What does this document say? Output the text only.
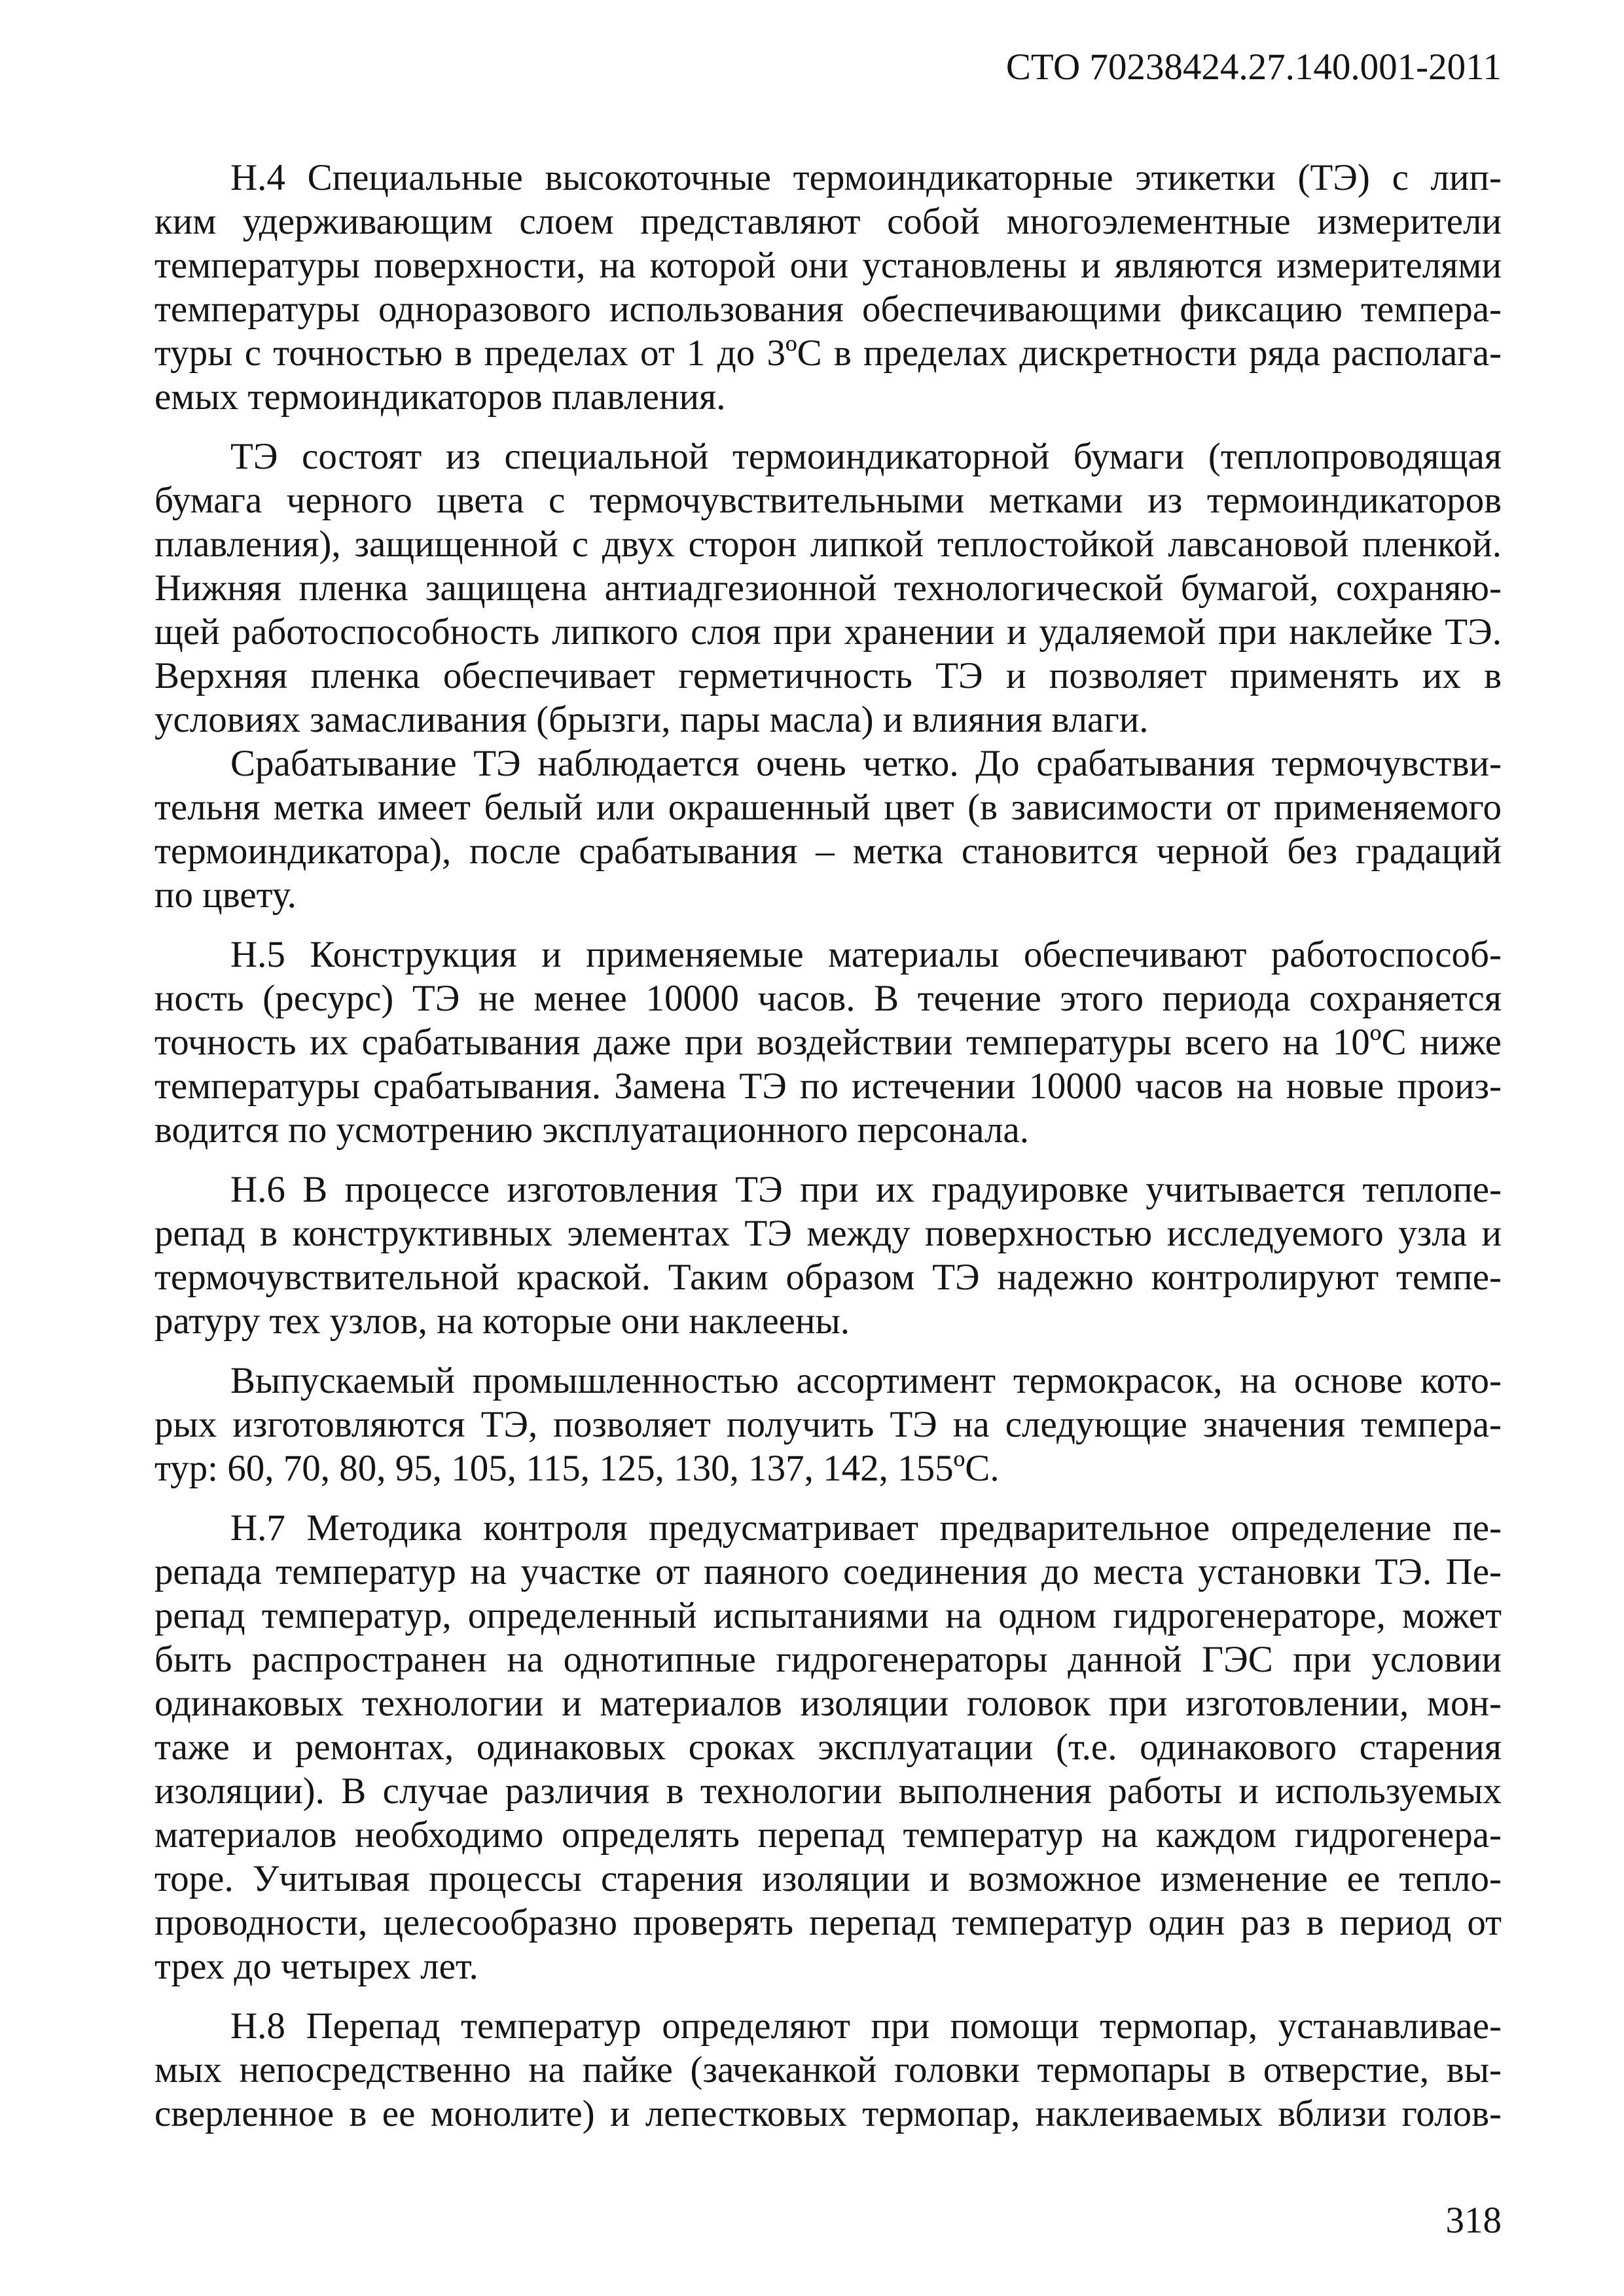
СТО 70238424.27.140.001-2011
Н.4 Специальные высокоточные термоиндикаторные этикетки (ТЭ) с лип-
ким удерживающим слоем представляют собой многоэлементные измерители
температуры поверхности, на которой они установлены и являются измерителями
температуры одноразового использования обеспечивающими фиксацию темпера-
туры с точностью в пределах от 1 до 3ºС в пределах дискретности ряда располага-
емых термоиндикаторов плавления.
ТЭ состоят из специальной термоиндикаторной бумаги (теплопроводящая
бумага черного цвета с термочувствительными метками из термоиндикаторов
плавления), защищенной с двух сторон липкой теплостойкой лавсановой пленкой.
Нижняя пленка защищена антиадгезионной технологической бумагой, сохраняю-
щей работоспособность липкого слоя при хранении и удаляемой при наклейке ТЭ.
Верхняя пленка обеспечивает герметичность ТЭ и позволяет применять их в
условиях замасливания (брызги, пары масла) и влияния влаги.
Срабатывание ТЭ наблюдается очень четко. До срабатывания термочувстви-
тельня метка имеет белый или окрашенный цвет (в зависимости от применяемого
термоиндикатора), после срабатывания – метка становится черной без градаций
по цвету.
Н.5 Конструкция и применяемые материалы обеспечивают работоспособ-
ность (ресурс) ТЭ не менее 10000 часов. В течение этого периода сохраняется
точность их срабатывания даже при воздействии температуры всего на 10ºС ниже
температуры срабатывания. Замена ТЭ по истечении 10000 часов на новые произ-
водится по усмотрению эксплуатационного персонала.
Н.6 В процессе изготовления ТЭ при их градуировке учитывается теплопе-
репад в конструктивных элементах ТЭ между поверхностью исследуемого узла и
термочувствительной краской. Таким образом ТЭ надежно контролируют темпе-
ратуру тех узлов, на которые они наклеены.
Выпускаемый промышленностью ассортимент термокрасок, на основе кото-
рых изготовляются ТЭ, позволяет получить ТЭ на следующие значения темпера-
тур: 60, 70, 80, 95, 105, 115, 125, 130, 137, 142, 155ºС.
Н.7 Методика контроля предусматривает предварительное определение пе-
репада температур на участке от паяного соединения до места установки ТЭ. Пе-
репад температур, определенный испытаниями на одном гидрогенераторе, может
быть распространен на однотипные гидрогенераторы данной ГЭС при условии
одинаковых технологии и материалов изоляции головок при изготовлении, мон-
таже и ремонтах, одинаковых сроках эксплуатации (т.е. одинакового старения
изоляции). В случае различия в технологии выполнения работы и используемых
материалов необходимо определять перепад температур на каждом гидрогенера-
торе. Учитывая процессы старения изоляции и возможное изменение ее тепло-
проводности, целесообразно проверять перепад температур один раз в период от
трех до четырех лет.
Н.8 Перепад температур определяют при помощи термопар, устанавливае-
мых непосредственно на пайке (зачеканкой головки термопары в отверстие, вы-
сверленное в ее монолите) и лепестковых термопар, наклеиваемых вблизи голов-
318
